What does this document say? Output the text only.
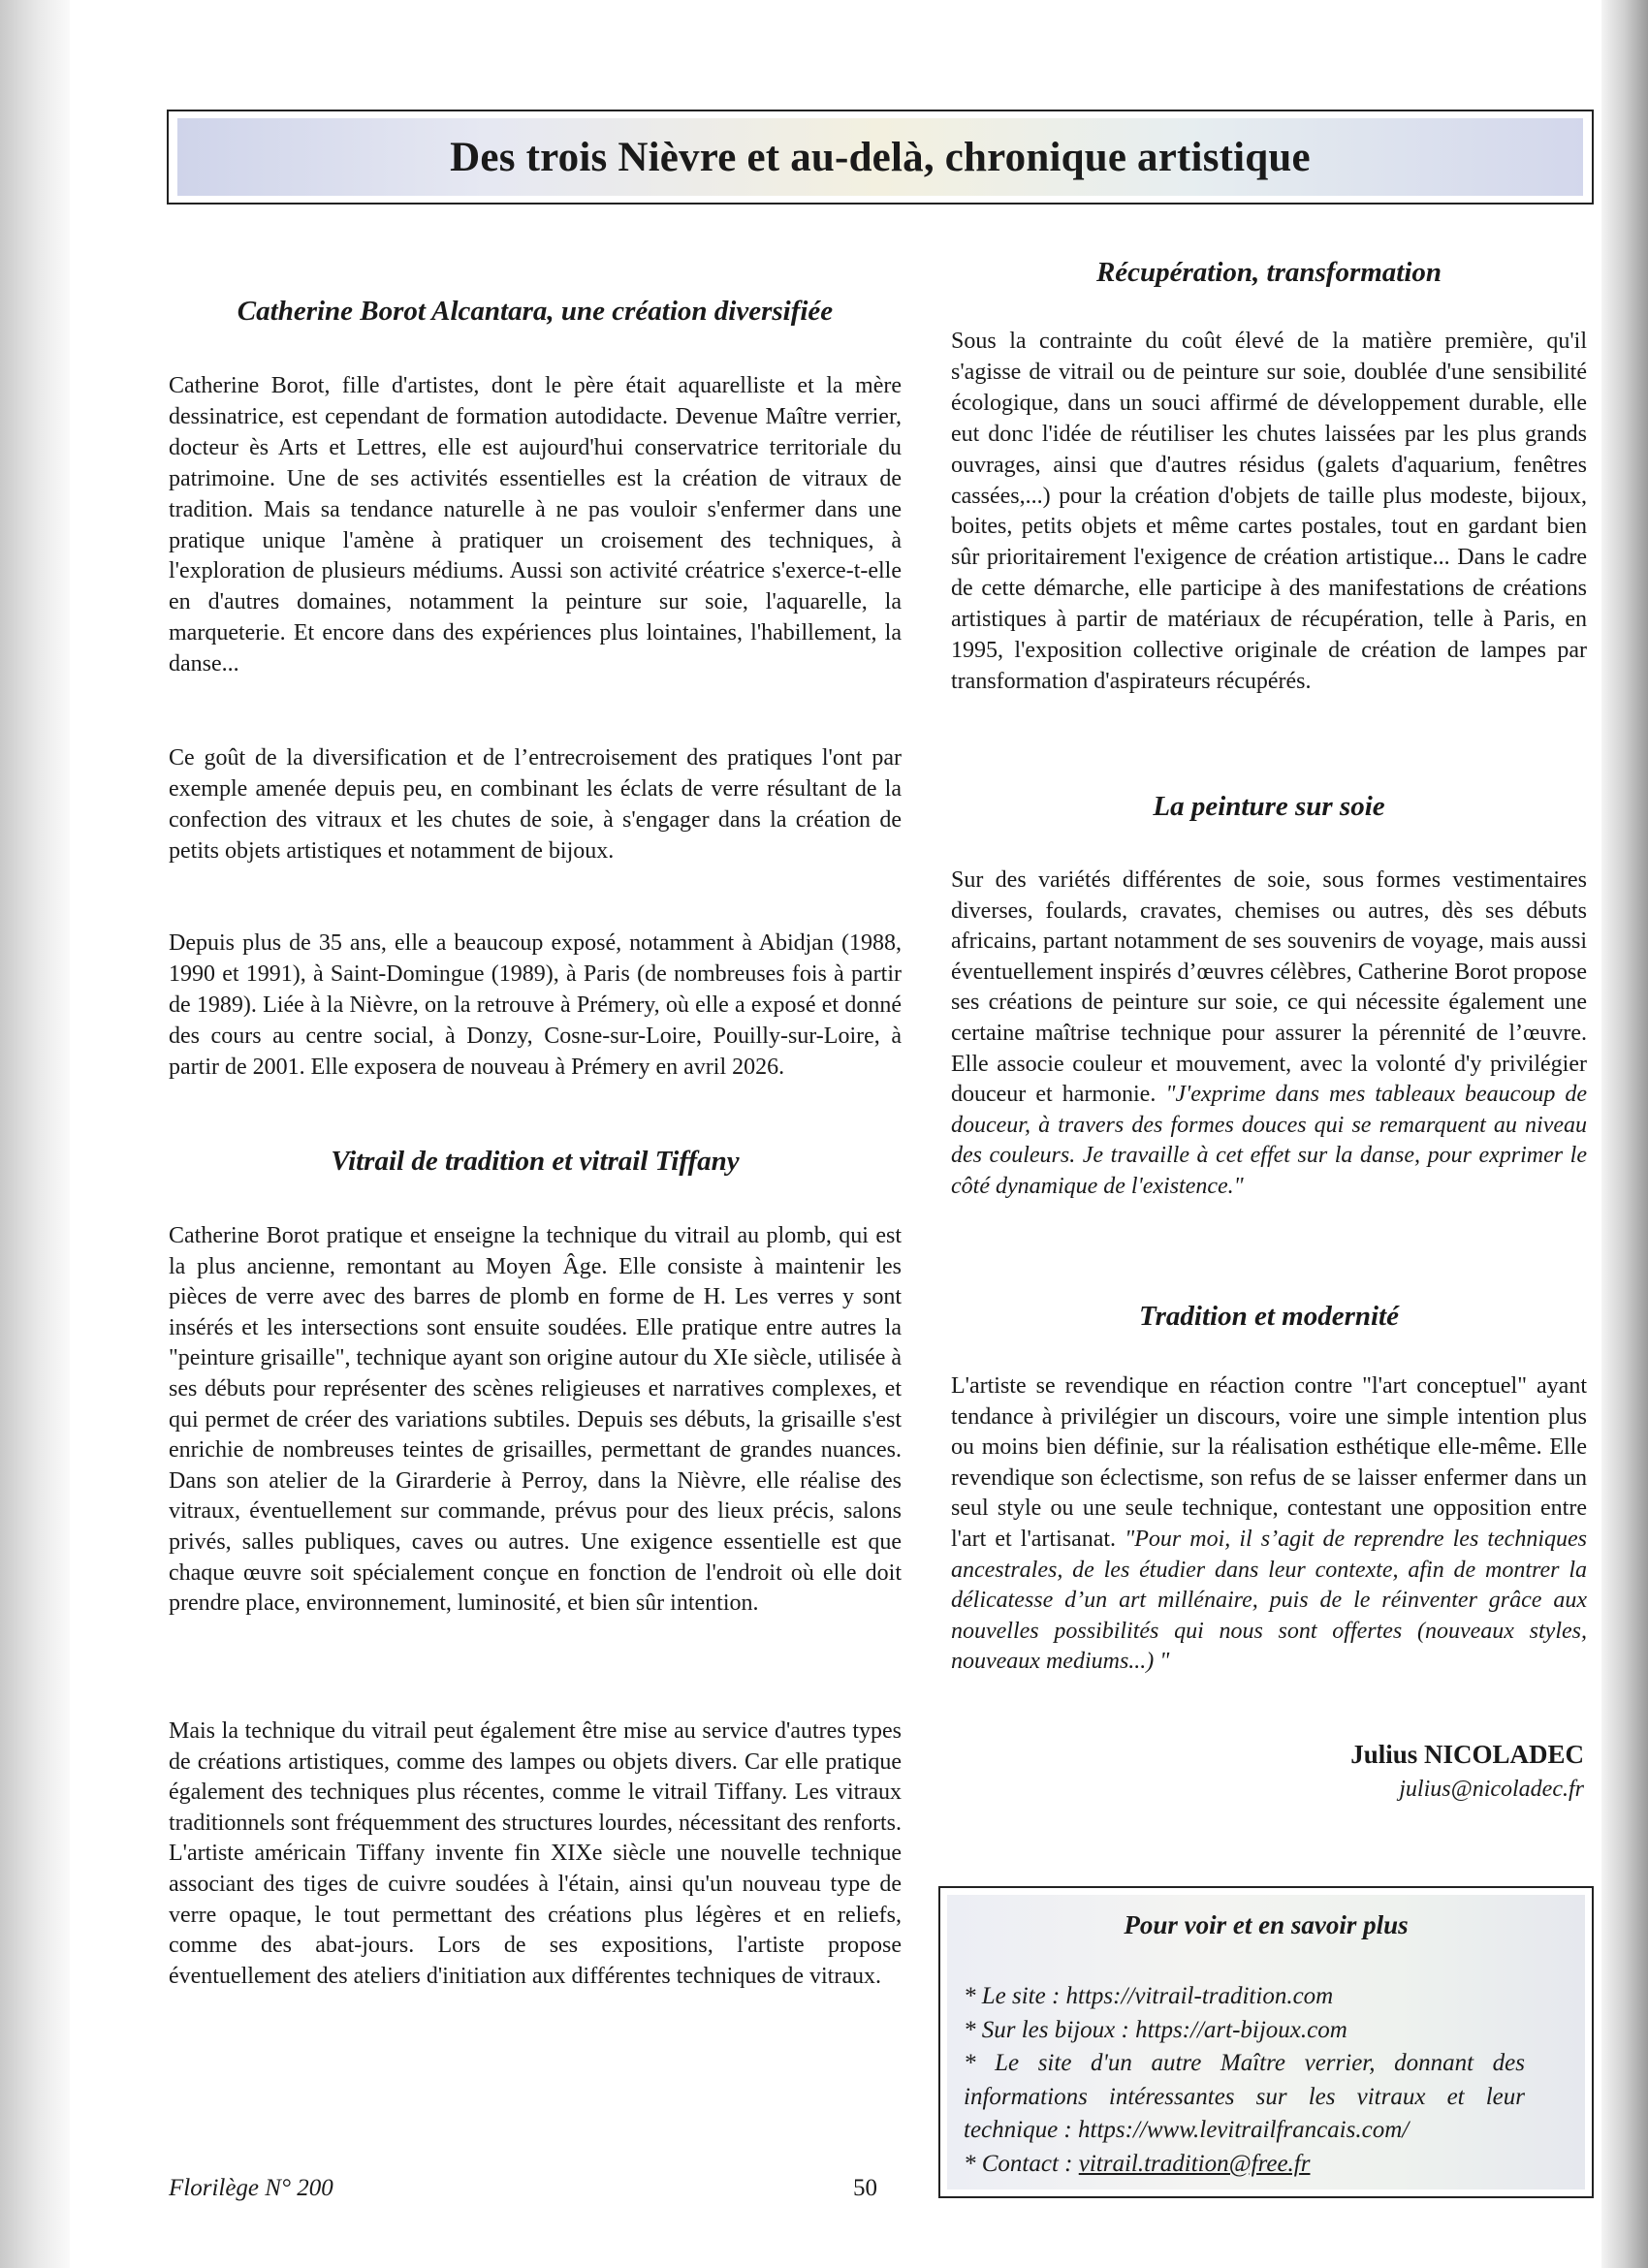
Des trois Nièvre et au-delà, chronique artistique
Catherine Borot Alcantara, une création diversifiée
Catherine Borot, fille d'artistes, dont le père était aquarelliste et la mère dessinatrice, est cependant de formation autodidacte. Devenue Maître verrier, docteur ès Arts et Lettres, elle est aujourd'hui conservatrice territoriale du patrimoine. Une de ses activités essentielles est la création de vitraux de tradition. Mais sa tendance naturelle à ne pas vouloir s'enfermer dans une pratique unique l'amène à pratiquer un croisement des techniques, à l'exploration de plusieurs médiums. Aussi son activité créatrice s'exerce-t-elle en d'autres domaines, notamment la peinture sur soie, l'aquarelle, la marqueterie. Et encore dans des expériences plus lointaines, l'habillement, la danse...
Ce goût de la diversification et de l’entrecroisement des pratiques l'ont par exemple amenée depuis peu, en combinant les éclats de verre résultant de la confection des vitraux et les chutes de soie, à s'engager dans la création de petits objets artistiques et notamment de bijoux.
Depuis plus de 35 ans, elle a beaucoup exposé, notamment à Abidjan (1988, 1990 et 1991), à Saint-Domingue (1989), à Paris (de nombreuses fois à partir de 1989). Liée à la Nièvre, on la retrouve à Prémery, où elle a exposé et donné des cours au centre social, à Donzy, Cosne-sur-Loire, Pouilly-sur-Loire, à partir de 2001. Elle exposera de nouveau à Prémery en avril 2026.
Vitrail de tradition et vitrail Tiffany
Catherine Borot pratique et enseigne la technique du vitrail au plomb, qui est la plus ancienne, remontant au Moyen Âge. Elle consiste à maintenir les pièces de verre avec des barres de plomb en forme de H. Les verres y sont insérés et les intersections sont ensuite soudées. Elle pratique entre autres la "peinture grisaille", technique ayant son origine autour du XIe siècle, utilisée à ses débuts pour représenter des scènes religieuses et narratives complexes, et qui permet de créer des variations subtiles. Depuis ses débuts, la grisaille s'est enrichie de nombreuses teintes de grisailles, permettant de grandes nuances. Dans son atelier de la Girarderie à Perroy, dans la Nièvre, elle réalise des vitraux, éventuellement sur commande, prévus pour des lieux précis, salons privés, salles publiques, caves ou autres. Une exigence essentielle est que chaque œuvre soit spécialement conçue en fonction de l'endroit où elle doit prendre place, environnement, luminosité, et bien sûr intention.
Mais la technique du vitrail peut également être mise au service d'autres types de créations artistiques, comme des lampes ou objets divers. Car elle pratique également des techniques plus récentes, comme le vitrail Tiffany. Les vitraux traditionnels sont fréquemment des structures lourdes, nécessitant des renforts. L'artiste américain Tiffany invente fin XIXe siècle une nouvelle technique associant des tiges de cuivre soudées à l'étain, ainsi qu'un nouveau type de verre opaque, le tout permettant des créations plus légères et en reliefs, comme des abat-jours. Lors de ses expositions, l'artiste propose éventuellement des ateliers d'initiation aux différentes techniques de vitraux.
Récupération, transformation
Sous la contrainte du coût élevé de la matière première, qu'il s'agisse de vitrail ou de peinture sur soie, doublée d'une sensibilité écologique, dans un souci affirmé de développement durable, elle eut donc l'idée de réutiliser les chutes laissées par les plus grands ouvrages, ainsi que d'autres résidus (galets d'aquarium, fenêtres cassées,...) pour la création d'objets de taille plus modeste, bijoux, boites, petits objets et même cartes postales, tout en gardant bien sûr prioritairement l'exigence de création artistique... Dans le cadre de cette démarche, elle participe à des manifestations de créations artistiques à partir de matériaux de récupération, telle à Paris, en 1995, l'exposition collective originale de création de lampes par transformation d'aspirateurs récupérés.
La peinture sur soie
Sur des variétés différentes de soie, sous formes vestimentaires diverses, foulards, cravates, chemises ou autres, dès ses débuts africains, partant notamment de ses souvenirs de voyage, mais aussi éventuellement inspirés d’œuvres célèbres, Catherine Borot propose ses créations de peinture sur soie, ce qui nécessite également une certaine maîtrise technique pour assurer la pérennité de l’œuvre. Elle associe couleur et mouvement, avec la volonté d'y privilégier douceur et harmonie. "J'exprime dans mes tableaux beaucoup de douceur, à travers des formes douces qui se remarquent au niveau des couleurs. Je travaille à cet effet sur la danse, pour exprimer le côté dynamique de l'existence."
Tradition et modernité
L'artiste se revendique en réaction contre "l'art conceptuel" ayant tendance à privilégier un discours, voire une simple intention plus ou moins bien définie, sur la réalisation esthétique elle-même. Elle revendique son éclectisme, son refus de se laisser enfermer dans un seul style ou une seule technique, contestant une opposition entre l'art et l'artisanat. "Pour moi, il s’agit de reprendre les techniques ancestrales, de les étudier dans leur contexte, afin de montrer la délicatesse d’un art millénaire, puis de le réinventer grâce aux nouvelles possibilités qui nous sont offertes (nouveaux styles, nouveaux mediums...) "
Julius NICOLADEC
julius@nicoladec.fr
Pour voir et en savoir plus
* Le site : https://vitrail-tradition.com
* Sur les bijoux : https://art-bijoux.com
* Le site d'un autre Maître verrier, donnant des informations intéressantes sur les vitraux et leur technique : https://www.levitrailfrancais.com/
* Contact : vitrail.tradition@free.fr
Florilège N° 200	50
